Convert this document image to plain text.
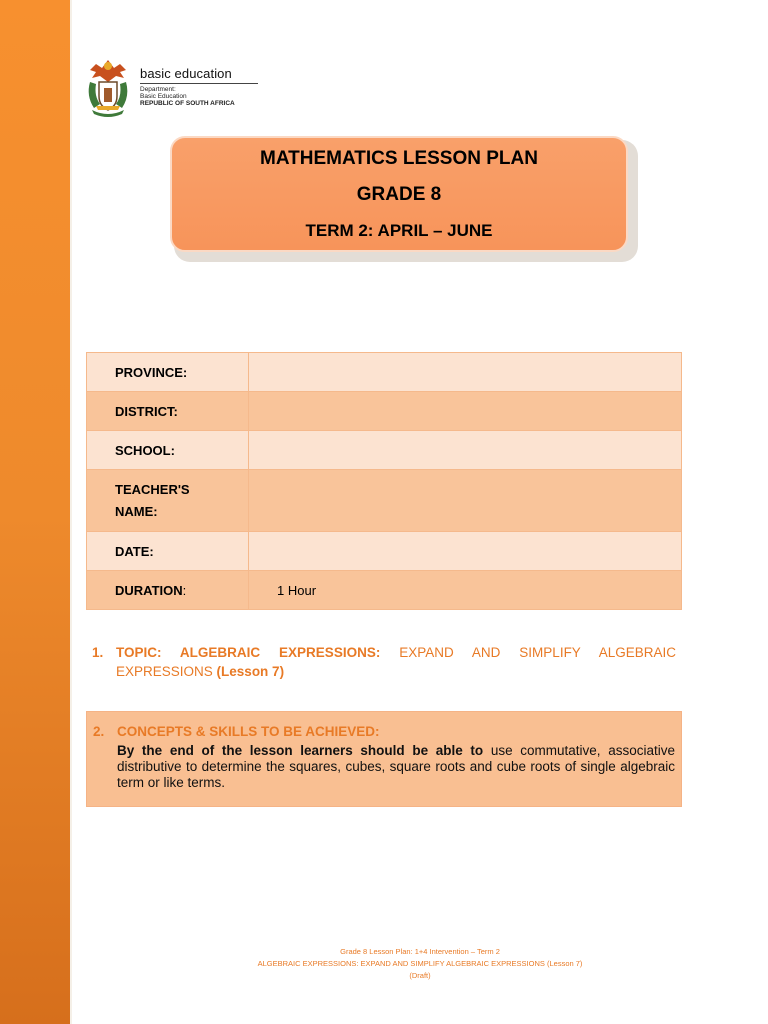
basic education
Department:
Basic Education
REPUBLIC OF SOUTH AFRICA
MATHEMATICS LESSON PLAN
GRADE 8
TERM 2: APRIL – JUNE
PROVINCE:	
DISTRICT:	
SCHOOL:	
TEACHER'S
NAME:	
DATE:	
DURATION:	1 Hour
1. TOPIC: ALGEBRAIC EXPRESSIONS: EXPAND AND SIMPLIFY ALGEBRAIC
EXPRESSIONS (Lesson 7)
2. CONCEPTS & SKILLS TO BE ACHIEVED:
By the end of the lesson learners should be able to use commutative, associative distributive to determine the squares, cubes, square roots and cube roots of single algebraic term or like terms.
Grade 8 Lesson Plan: 1+4 Intervention – Term 2
ALGEBRAIC EXPRESSIONS: EXPAND AND SIMPLIFY ALGEBRAIC EXPRESSIONS (Lesson 7)
(Draft)
